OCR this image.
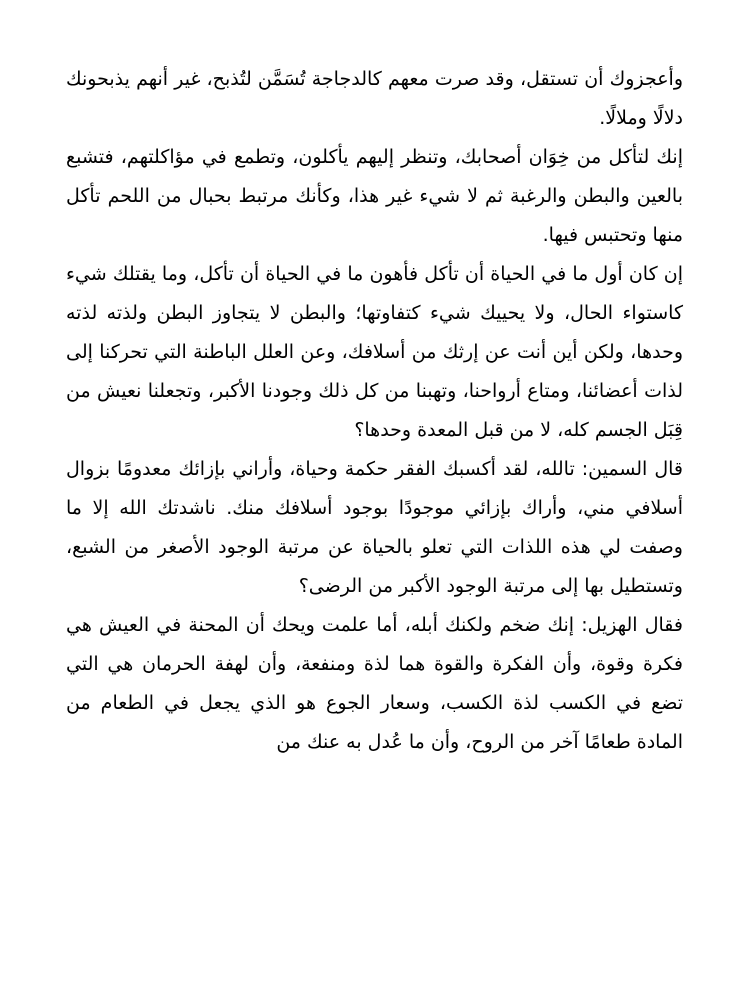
وأعجزوك أن تستقل، وقد صرت معهم كالدجاجة تُسَمَّن لتُذبح، غير أنهم يذبحونك دلالًا وملالًا.

إنك لتأكل من خِوَان أصحابك، وتنظر إليهم يأكلون، وتطمع في مؤاكلتهم، فتشبع بالعين والبطن والرغبة ثم لا شيء غير هذا، وكأنك مرتبط بحبال من اللحم تأكل منها وتحتبس فيها.

إن كان أول ما في الحياة أن تأكل فأهون ما في الحياة أن تأكل، وما يقتلك شيء كاستواء الحال، ولا يحييك شيء كتفاوتها؛ والبطن لا يتجاوز البطن ولذته لذته وحدها، ولكن أين أنت عن إرثك من أسلافك، وعن العلل الباطنة التي تحركنا إلى لذات أعضائنا، ومتاع أرواحنا، وتهبنا من كل ذلك وجودنا الأكبر، وتجعلنا نعيش من قِبَل الجسم كله، لا من قبل المعدة وحدها؟

قال السمين: تالله، لقد أكسبك الفقر حكمة وحياة، وأراني بإزائك معدومًا بزوال أسلافي مني، وأراك بإزائي موجودًا بوجود أسلافك منك. ناشدتك الله إلا ما وصفت لي هذه اللذات التي تعلو بالحياة عن مرتبة الوجود الأصغر من الشبع، وتستطيل بها إلى مرتبة الوجود الأكبر من الرضى؟

فقال الهزيل: إنك ضخم ولكنك أبله، أما علمت ويحك أن المحنة في العيش هي فكرة وقوة، وأن الفكرة والقوة هما لذة ومنفعة، وأن لهفة الحرمان هي التي تضع في الكسب لذة الكسب، وسعار الجوع هو الذي يجعل في الطعام من المادة طعامًا آخر من الروح، وأن ما عُدل به عنك من
